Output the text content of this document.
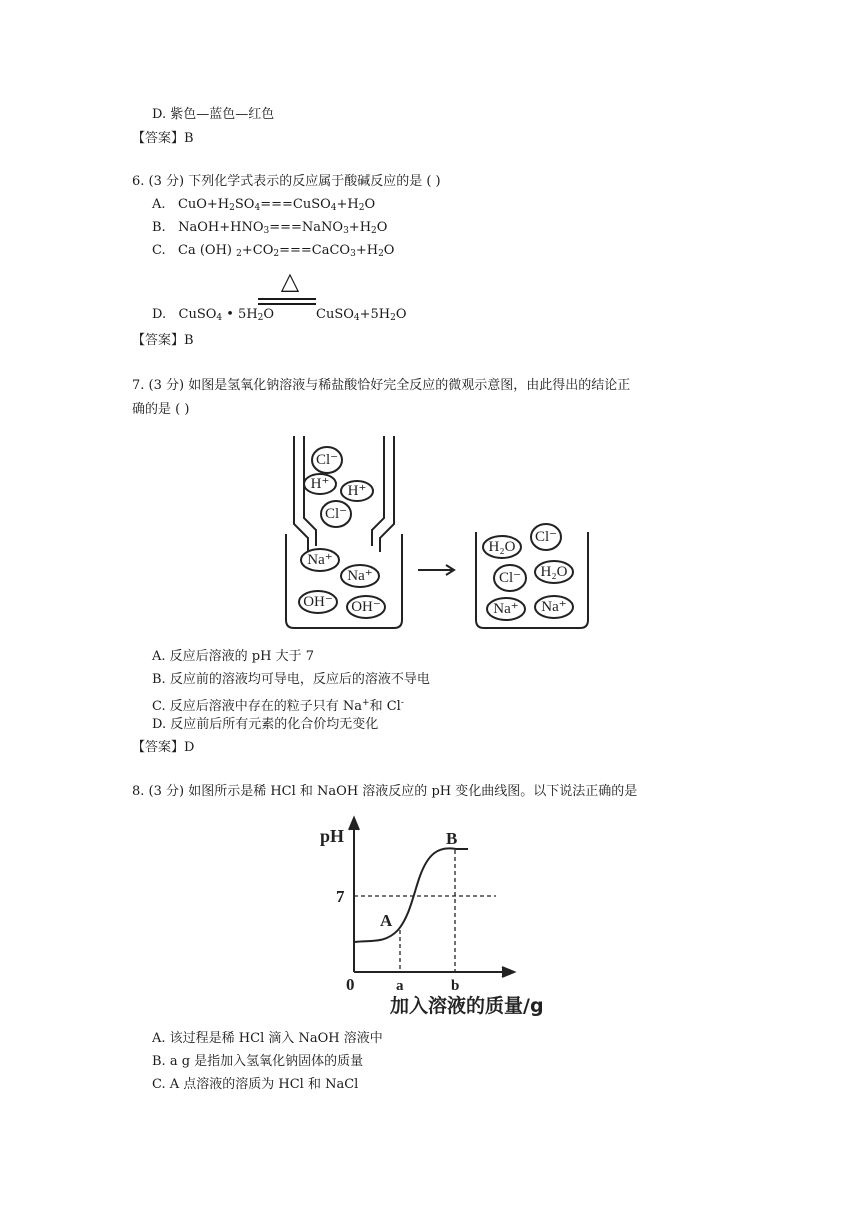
D. 紫色—蓝色—红色
【答案】B
6. (3 分) 下列化学式表示的反应属于酸碱反应的是 ( )
A. $CuO+H_2SO_4===CuSO_4+H_2O$
B. $NaOH+HNO_3===NaNO_3+H_2O$
C. Ca (OH) $_2+CO_2===CaCO_3+H_2O$
△
D. CuSO$_4$ • $5H_2O$	$CuSO_4+5H_2O$
【答案】B
7. (3 分) 如图是氢氧化钠溶液与稀盐酸恰好完全反应的微观示意图，由此得出的结论正
确的是 ( )
Cl⁻
H⁺ H⁺
Cl⁻
Na⁺
Na⁺
OH⁻ OH⁻
H₂O
Cl⁻
Cl⁻ H₂O
Na⁺ Na⁺
A. 反应后溶液的 pH 大于 7
B. 反应前的溶液均可导电，反应后的溶液不导电
C. 反应后溶液中存在的粒子只有 Na+和 Cl-
D. 反应前后所有元素的化合价均无变化
【答案】D
8. (3 分) 如图所示是稀 HCl 和 NaOH 溶液反应的 pH 变化曲线图。以下说法正确的是
pH
7
0	a	b
A
B
加入溶液的质量/g
A. 该过程是稀 HCl 滴入 NaOH 溶液中
B. a g 是指加入氢氧化钠固体的质量
C. A 点溶液的溶质为 HCl 和 NaCl
